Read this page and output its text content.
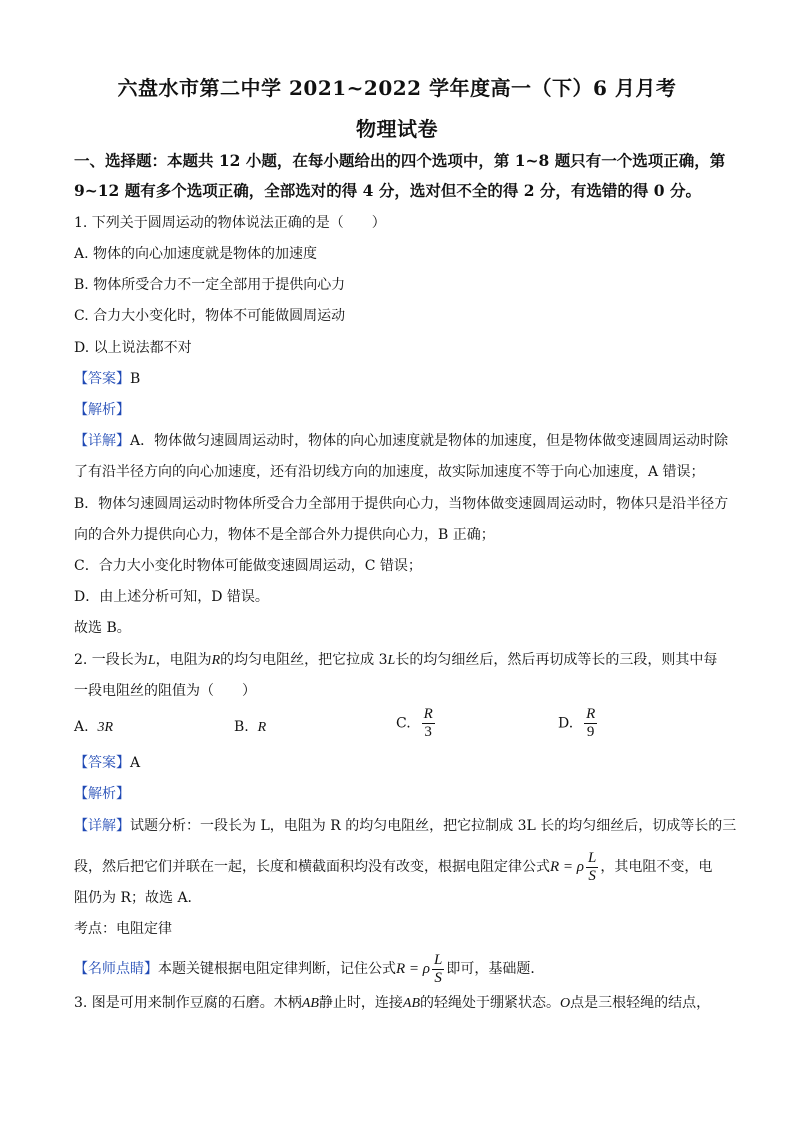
六盘水市第二中学 2021~2022 学年度高一（下）6 月月考
物理试卷
一、选择题：本题共 12 小题，在每小题给出的四个选项中，第 1~8 题只有一个选项正确，第
9~12 题有多个选项正确，全部选对的得 4 分，选对但不全的得 2 分，有选错的得 0 分。
1. 下列关于圆周运动的物体说法正确的是（　　）
A. 物体的向心加速度就是物体的加速度
B. 物体所受合力不一定全部用于提供向心力
C. 合力大小变化时，物体不可能做圆周运动
D. 以上说法都不对
【答案】B
【解析】
【详解】A．物体做匀速圆周运动时，物体的向心加速度就是物体的加速度，但是物体做变速圆周运动时除
了有沿半径方向的向心加速度，还有沿切线方向的加速度，故实际加速度不等于向心加速度，A 错误；
B．物体匀速圆周运动时物体所受合力全部用于提供向心力，当物体做变速圆周运动时，物体只是沿半径方
向的合外力提供向心力，物体不是全部合外力提供向心力，B 正确；
C．合力大小变化时物体可能做变速圆周运动，C 错误；
D．由上述分析可知，D 错误。
故选 B。
2. 一段长为L，电阻为R的均匀电阻丝，把它拉成 3L长的均匀细丝后，然后再切成等长的三段，则其中每
一段电阻丝的阻值为（　　）
A. 3R	B. R	C. $\frac{R}{3}$	D. $\frac{R}{9}$
【答案】A
【解析】
【详解】试题分析：一段长为 L，电阻为 R 的均匀电阻丝，把它拉制成 3L 长的均匀细丝后，切成等长的三
段，然后把它们并联在一起，长度和横截面积均没有改变，根据电阻定律公式R = ρ $\frac{L}{S}$ ，其电阻不变，电
阻仍为 R；故选 A．
考点：电阻定律
【名师点睛】本题关键根据电阻定律判断，记住公式R = ρ $\frac{L}{S}$ 即可，基础题．
3. 图是可用来制作豆腐的石磨。木柄AB静止时，连接AB的轻绳处于绷紧状态。O点是三根轻绳的结点，
